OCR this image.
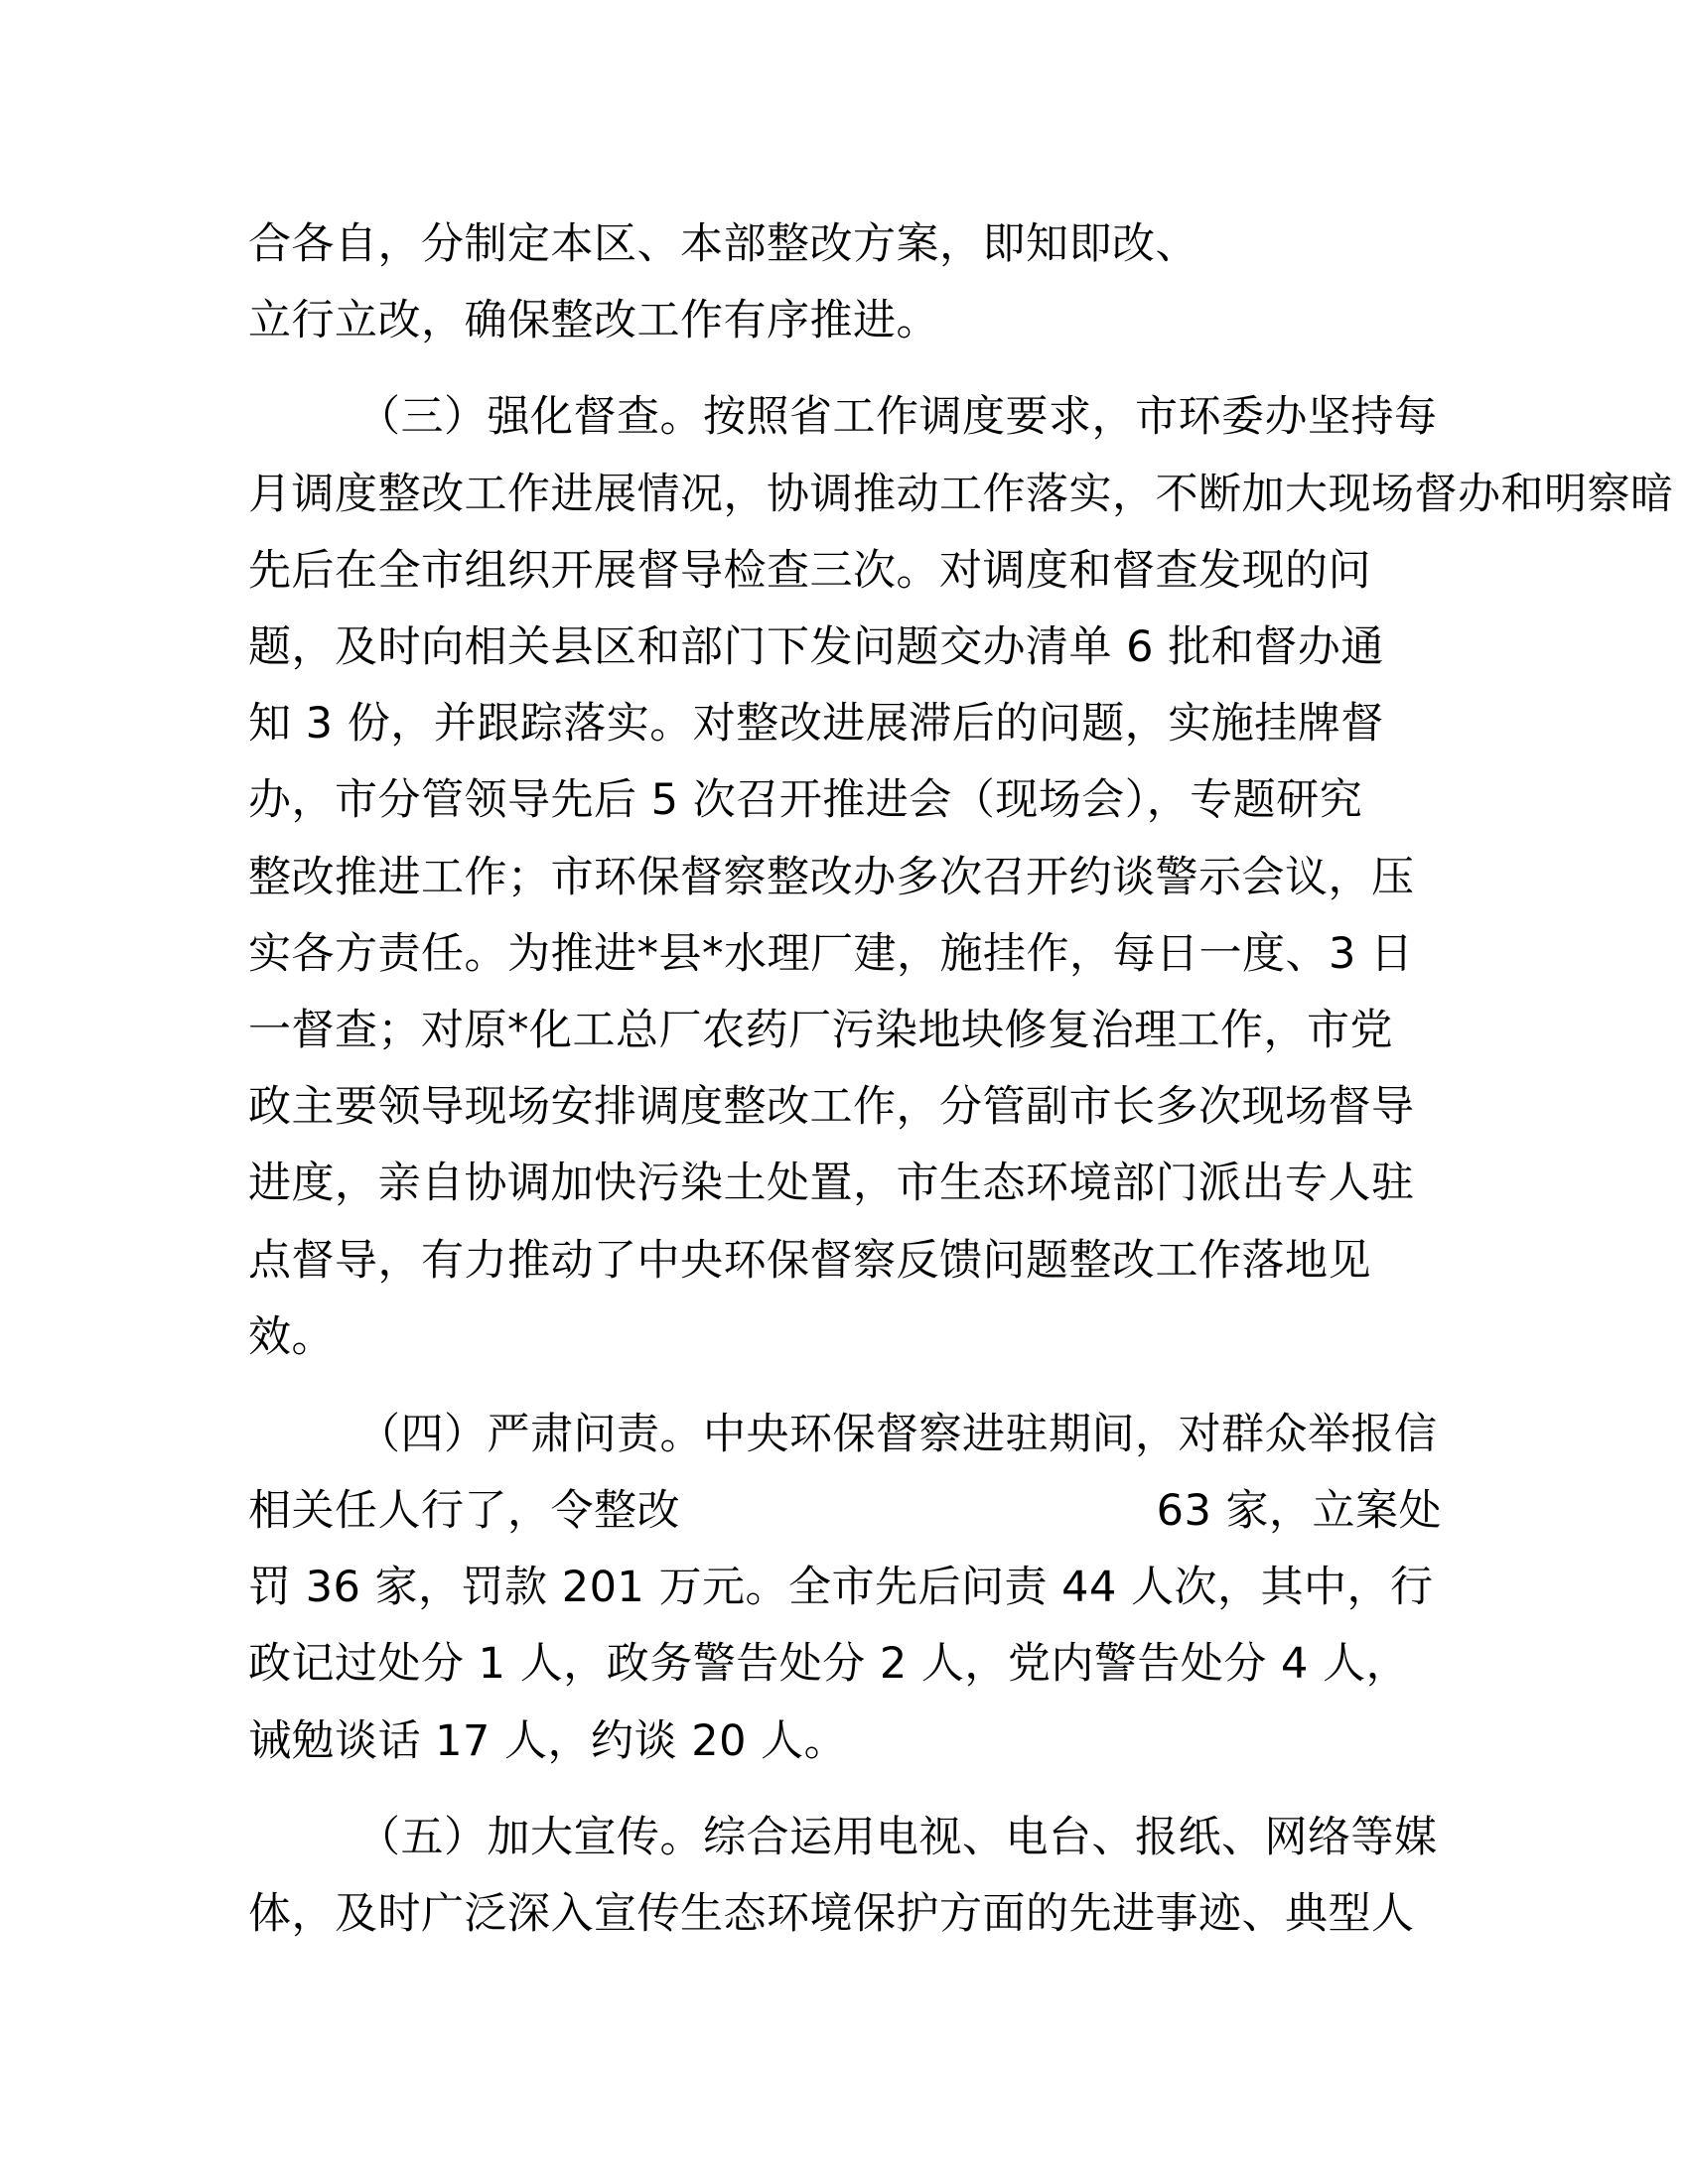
合各自，分制定本区、本部整改方案，即知即改、
立行立改，确保整改工作有序推进。
（三）强化督查。按照省工作调度要求，市环委办坚持每
月调度整改工作进展情况，协调推动工作落实，不断加大现场督办和明察暗
先后在全市组织开展督导检查三次。对调度和督查发现的问
题，及时向相关县区和部门下发问题交办清单 6 批和督办通
知 3 份，并跟踪落实。对整改进展滞后的问题，实施挂牌督
办，市分管领导先后 5 次召开推进会（现场会），专题研究
整改推进工作；市环保督察整改办多次召开约谈警示会议，压
实各方责任。为推进*县*水理厂建，施挂作，每日一度、3 日
一督查；对原*化工总厂农药厂污染地块修复治理工作，市党
政主要领导现场安排调度整改工作，分管副市长多次现场督导
进度，亲自协调加快污染土处置，市生态环境部门派出专人驻
点督导，有力推动了中央环保督察反馈问题整改工作落地见
效。
（四）严肃问责。中央环保督察进驻期间，对群众举报信
相关任人行了，令整改	63 家，立案处
罚 36 家，罚款 201 万元。全市先后问责 44 人次，其中，行
政记过处分 1 人，政务警告处分 2 人，党内警告处分 4 人，
诫勉谈话 17 人，约谈 20 人。
（五）加大宣传。综合运用电视、电台、报纸、网络等媒
体，及时广泛深入宣传生态环境保护方面的先进事迹、典型人
